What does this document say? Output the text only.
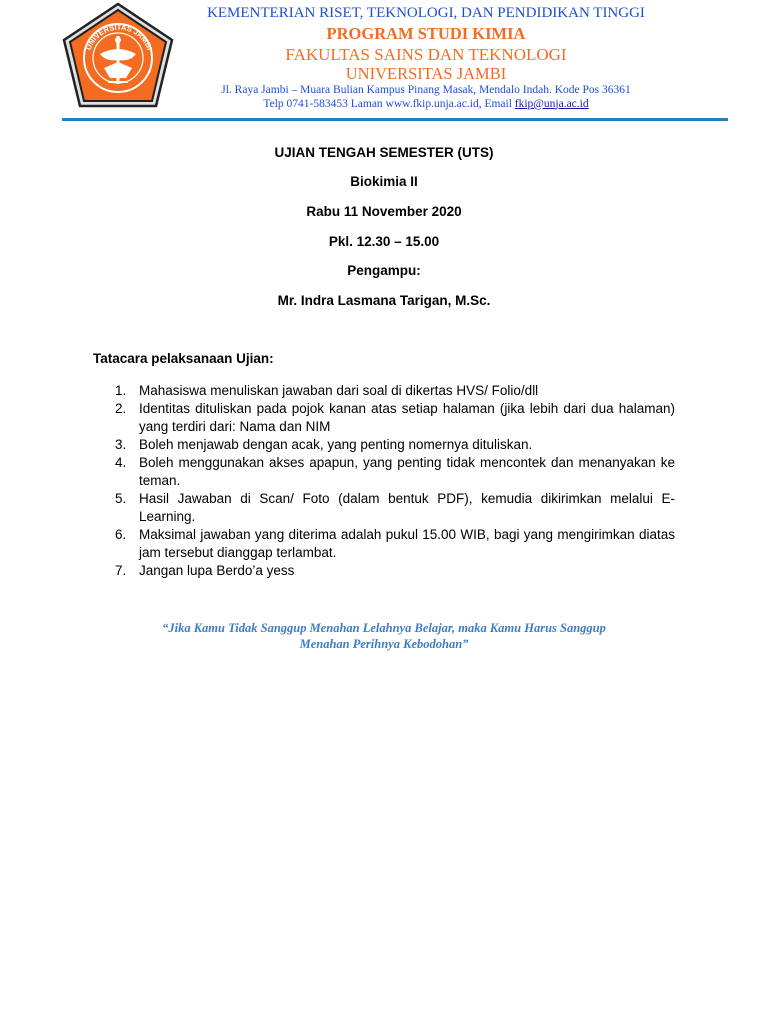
UNIVERSITAS JAMBI
KEMENTERIAN RISET, TEKNOLOGI, DAN PENDIDIKAN TINGGI
PROGRAM STUDI KIMIA
FAKULTAS SAINS DAN TEKNOLOGI
UNIVERSITAS JAMBI
Jl. Raya Jambi – Muara Bulian Kampus Pinang Masak, Mendalo Indah. Kode Pos 36361
Telp 0741-583453 Laman www.fkip.unja.ac.id, Email fkip@unja.ac.id
UJIAN TENGAH SEMESTER (UTS)
Biokimia II
Rabu 11 November 2020
Pkl. 12.30 – 15.00
Pengampu:
Mr. Indra Lasmana Tarigan, M.Sc.
Tatacara pelaksanaan Ujian:
1. Mahasiswa menuliskan jawaban dari soal di dikertas HVS/ Folio/dll
2. Identitas dituliskan pada pojok kanan atas setiap halaman (jika lebih dari dua halaman) yang terdiri dari: Nama dan NIM
3. Boleh menjawab dengan acak, yang penting nomernya dituliskan.
4. Boleh menggunakan akses apapun, yang penting tidak mencontek dan menanyakan ke teman.
5. Hasil Jawaban di Scan/ Foto (dalam bentuk PDF), kemudia dikirimkan melalui E-Learning.
6. Maksimal jawaban yang diterima adalah pukul 15.00 WIB, bagi yang mengirimkan diatas jam tersebut dianggap terlambat.
7. Jangan lupa Berdo’a yess
“Jika Kamu Tidak Sanggup Menahan Lelahnya Belajar, maka Kamu Harus Sanggup
Menahan Perihnya Kebodohan”
